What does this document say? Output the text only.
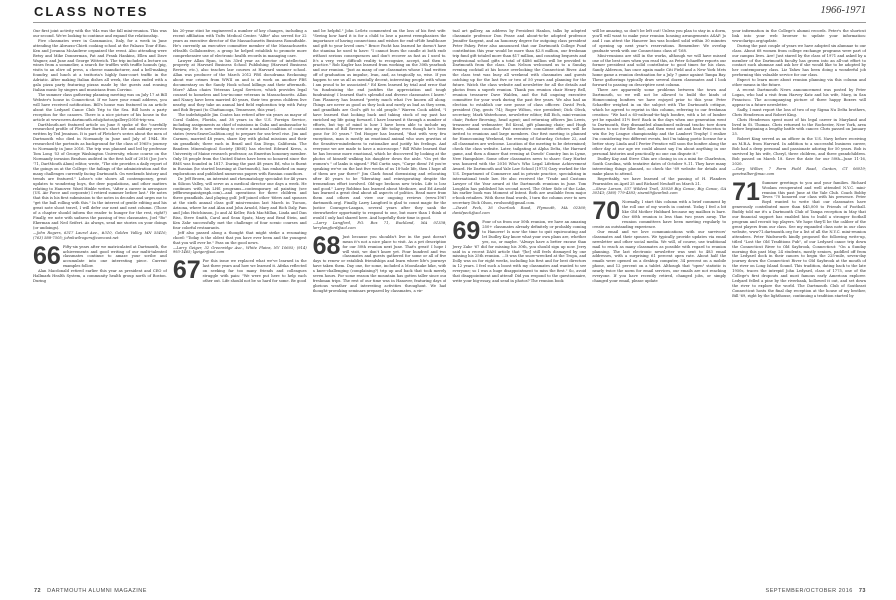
CLASS NOTES	1966-1971

Our first joint activity with the '64s was the fall mini-reunion. This was our second. We're looking to continue and expand the relationship.

Five classmates were in Caramanico, Italy, for a week in June attending the Abruzzo-Chieti cooking school at the Palazzo Tour d'Eau. Ken and Jovanna McAndrew organized the event. Also attending were Betsy and Mike Donnerman, Pat and Frank Hankins, Ellen and Dave Wagner, and June and George Wittreich. The trip included a lecture on wines from a sommelier, a search for truffles with truffle hounds (pig, visits to an olive oil press, a cheese manufacturer, and a bell-making foundry, and lunch at a trattoria's highly faux-court traffic in the Adriatic. After making Italian dishes all week, the class ended with a gala pizza party featuring pizzas made by the guests and rousing Italian music by singers and musicians from Corvino.

The summer class gathering planning meeting was on July 17 at Bill Webster's house in Connecticut. If we have your email address, you will have received notification. Bill's house was featured in an article about the Ledyard Canoe Club Trip to the Sea. Bill hosts a party reception for the canoers. There is a nice picture of his house in the article at www.news.dartmouth.edu/photos/gallery/2016-trip-sea.

DartMouth.net featured article on June 8 spoke of the "carefully researched profile of Fletcher Barton's short life and military service written by Ted Jennison. It is part of Fletcher's series about the men of Dartmouth who died in Normandy in June and July of 1944. He researched the portraits as background for the class of 1965's journey to Normandy in June 2016. The trip was planned and led by professor Tom Long '53 of George Washington University, whose course on the Normandy invasion Bradson audited in the first half of 2016 (Joe Joe's '71, DartMouth Alum) editor, wrote, "The site provides a daily report of the goings on at the College: the failings of the administration and the many challenges currently facing Dartmouth. On weekends history and trends are featured." Lohse's site shows all contemporary, great updates to wondering boys, the deer populations, and other matters relating to Hanover. Ward Hinkle writes, "After a career in aerospace (US. Air Force and corporate) I retired summer before last." He notes that this is his first submission to the notes in decades and urges me to "get the ball rolling with this." In the interest of gentle editing and his great note shoot travel, I will defer our next and next column. (Those of a chapter should inform the reader to hunger for the rest, right?) Finally, we note with sadness the passing of two classmates, Joel "Bo" Ekerman and Ned Seifert. As always, send me stories on your doings (or undoings).

—John Rogers, 6317 Laurel Ave., #310, Golden Valley, MN 55416; (763) 588-7505; johnkwilrogers@comcast.net

66 Fifty-six years after we matriculated at Dartmouth, the achievements and good writing of our multi-talented classmates continue to amaze your scribe and accumulate into one interesting piece. Current examples follow.

Alan Macdonald retired earlier this year as president and CEO of Hallmark Health System, a community health group north of Boston. During

his 20-year stint he engineered a number of key changes, including a recent affiliation with Tufts Medical Center. "Alfie" also served for 22 years as executive director of the Massachusetts Business Roundtable. He's currently an executive committee member of the Massachusetts eHealth Collaborative, a group he helped establish to promote more comprehensive use of electronic health records in managing care.

Lawyer Allan Ryan, in his 33rd year as director of intellectual property at Harvard Business School Publishing (Harvard Business Review, etc.), also teaches law courses at Harvard summer school. Allan was producer of the March 2012 PBS docudrama Reckoning about war crimes from WWII on and is at work on another PBS documentary on the Sandy Hook school killings and their aftermath. More? Allan chairs Veterans Legal Services, which provides legal counsel to homeless and low-income veterans in Massachusetts. Allan and Nancy have been married 40 years, their two grown children live nearby, and they take an annual bird field exploration trip with Patsy and Bob Bryant (to Chattanooga, Tennessee, this year).

The indefatigable Jim Coates has retired after six years as mayor of Coral Gables, Florida, and 38 years in the U.S. Foreign Service, including assignments as chief of missions in Cuba and ambassador to Paraguay. He is now working to create a national coalition of coastal states (www.SeaveCoalition.org) to prepare for sea-level rise. Jim and Carmen, married 48 years, share Key with global missions and their six grandkids; three each in Brazil and San Diego, California. The Bandera Mineralogical Society (BMS) has elected Edward Kress, a University of Maine research professor, as Emeritus honorary member. Only 18 people from the United States have been so honored since the BMS was founded in 1817. During the past 48 years Ed, who is fluent in Russian (he started learning at Dartmouth), has embarked on many explorations and published numerous papers with Russian coauthors.

Dr. Jeff Brown, an internist and rheumatology specialist for 46 years in Silicon Valley, will serve as a medical director one days a week. He continues with his LHS programs—contemporary oil painting (see jeffbrownpaintgraph.com)—and operations for three children and three grandkids. And playing golf. Jeff joined other '66ers and spouses at the sixth annual class golf mini-reunion last March in Tucson, Arizona, where he and Alan and John Arnold, Mary and Rich Daly, Pam and John Hutchinson, Jo and Al Keller, Rick MacMillan, Linda and Dan Riss, Steve Smith, Carol and Sean Spatz, Mary and Brad Stein, and Ken Zahr successfully met the challenge of four scenic courses and four colorful restaurants.

Jeff also passed along a thought that might strike a resonating chord: "Today is the oldest that you have ever been and the youngest that you will ever be." Pass on the good news.

—Larry Geiger, 32 Greenridge Ave., White Plains, NY 10605; (914) 993-1465; lgeiger@aol.com

67 For this issue we replaced what we've learned in the last three years and how we learned it. Afrika reflected on seeking far too many friends and colleagues struggle with pain: "We were put here to help each other out. Life should not be so hard for some. Be good

and be helpful." John LeSrtz commented on the loss of his first wife: "Seeing how hard it is for a child to lose a parent reemphasizes the importance of having connections and wishes for end-of-life healthcare and gift to your loved ones." Bruce Pacht has learned he doesn't have the stamina he used to have: "I cannot burn the candle at both ends without serious consequences and don't recover as fast as I used to. It's a very, very difficult reality to recognize, accept, and then to practice." Rob Kugler has learned from working on the 30th yearbook and our reunion. "Just as many of our classmates whose I had written off of graduation as impulse, Ivan, and, as tragically so, wise. If you happen to see us all as mentally decent, interesting people with whom I am proud to be associated." Ed Kern learned by trial and error that "in fundraising the end justifies the appreciation and tough fundraising! I learned that's splendid and diverse classmates I knew." Tom Flannery has learned "pretty much what I've known all along. Things are never as good as they look and rarely as bad as they seem, and grandkids are God's gift to old people." Warren Cook added, "I have learned that looking back and taking stock of my past has enriched my life going forward. I have learned it through a number of efforts, but top of mind is how I have been able to include my connection of Bill Brewer into my life today even though he's been gone for 50 years." Ted Hooper has learned, "that with very few exceptions, man is mostly an emotional animal who uses gravitas of the Sensitive-mindedness to rationalize and justify his feelings. And everyone we are made to have a microscope." Bill White learned that he has become more emotional, which he discovered by looking at the photos of himself walking his daughter down the aisle. "On yet the women's " of lanks is signed." Phil Curtis says, "Carpe diem! I'd you're speaking we've on the last five weeks of us 18-hole life, then I hope all of them are par three!" Jim Clark found downsizing and relocating after 40 years to be "liberating and reinvigorating despite the tremendous effort involved. Old-age beckons new tricks. Life is loss and good." Larry Robbins has learned about Medicare, and Ed Arnold has learned a great deal about all aspects of politics. Read more from them and others and view our ongoing reviews (www.1967 dartmouth.org). Finally, Larry Langford is glad to count magic for the Justice Courages-Langan, several years after they sank the sternwheeler opportunity to respond to one, but more than I think of would I only had shared here. And hopefully their time is good.

—Larry Langford, P.O. Box 71, Buckland, MA 01338; larrylangford@aol.com

68 Just because you shouldn't live in the past doesn't mean it's not a nice place to visit. As a pet description for our 50th reunion next June. That's great! I hope I will visit, we don't know yet. Four hundred and two classmates and guests gathered for some or all of five days to renew or establish friendships and learn where life's journeys have taken them. Day one, for some, included a Moosilauke hike, with a knee-challenging (complaining?) trip up and back that took merely seven hours. For some reason the mountain has gotten taller since our freshman trips. The rest of our time was in Hanover, featuring days of glorious weather and interesting activities throughout. We had thought-provoking seminars prepared by classmates, a vir-

tual art gallery, an address by President Hanlon, talks by adopted classmate professor Don Pease and about-to-be adopted professor Jennifer Sargent, and an honorary degree for outgoing class president Peter Fahey. Peter also announced that our Dartmouth College Fund contribution this year would be more than $2.8 million, our freshman trip fund gift totaled more than $17 million, and counting bequests and professional school gifts a total of $486 million will be provided to Dartmouth from the class. Dan Nelson welcomed us to a Sunday evening cocktail at his house overlooking the Connecticut River. And the class tent was busy all weekend with classmates and guests catching up for the last five or two of 50 years and planning for the future. Watch the class website and newsletter for all the details and photos from a superb reunion. Thank you reunion chair Henry Bell, reunion treasurer Dave Walden, and the full ongoing executive committee for your work during the past five years. We also had an election to establish our new posse of class officers: David Peck, president (Yay, gents '74); Roger Wilton, vice president; Dick Oleck, secretary; Mark Waterhouse, newsletter editor; Bill Eich, mini-reunion chair; Parker Brovsing, head agent; and returning officers Jim Lewis, treasurer and webmaster; Ed Kecal, gift planning chair; and Hugh Bowe, alumni councilor. Past executive committee officers will be invited to reunions and large members. Our first meeting is planned for Homecoming Weekend, the evening of Saturday, October 22, and all classmates are welcome. Location of the meeting to be determined; check the class website. Later, tailgating at Alpha Delta, the Harvard game, and then a dinner that evening at Dowds' Country Inn in Lyme, New Hampshire. Some other classmates news to share: Gary Harbst was honored with the 2016 Who's Who Legal Lifetime Achievement Award. He Dartmouth and Yale Law School (1973) Gary worked for the U.S. Department of Commerce and in private practice, specializing in international trade law. He also received the "Trade and Customs Lawyer of the Year award at the Dartmouth reunions in June. Tom Loughlin has published his second novel, The Other Side of the Lake, his earlier book was Moment of Intent. Both are available from major e-book retailers. With these final words, I turn the column over to new secretary Dick Olson, rwolson6@gmail.com.

—David Peck, 36 Overlook Road, Plymouth, MA 02360; davidpeck@aol.com

69 Four of us from our 50th reunion, we have an amazing 250+ classmates already definitely or probably coming to Hanover! Is now the time to quit equivocating and let Dudley Kay know what your own plans are, whether yes, no, or maybe. "Always have a better excuse than Jerry Zahr '67 did for missing his 30th, you should sign up now. Jerry said in a recent DAM article that "[he] still feels dismayed by one missing his 25th reunion. ...It was the snow-wrecked at the Tropa, and Dolly was on for eight weeks, including his first and for best directors in 12 years. I feel such a boost with my classmates and wanted to see everyone; so I was a huge disappointment to miss the first." So, avoid that disappointment and attend! Did you respond to the questionnaire, write your big-essay, and send in photos? The reunion book

will be amazing, so don't be left out! Unless you plan to stay in a dorm, you'll will want to make your reunion housing arrangements ASAP. Jo and I can attest the Hanover Inn was booked solid within 30 minutes of opening up next year's reservations. Remember: We overlap graduate week with our Connections class of '168.

Mini-reunions are still in the works, although we will have missed one of the best ones when you read this, as Peter Schaeffer reports our former president and solid contributor to good times for his class. Sandy Alderson, has once again made Citi Field and a New York Mets home game a reunion destination for a July 7 game against Tampa Bay. These gatherings typically draw several dozen classmates and I look forward to passing on descriptive next column.

There are apparently some problems between the town and Dartmouth, so we will not be allowed to build the kinds of Homecoming bonfires we have enjoyed prior to this year. Peter Schaeffer weighed in on the subject with The Dartmouth critique, which he agreed to reprint in this column, referring to our freshman creation: "We had a 65-railroad-tie-high bonfire, with a lot of lumber yet be equaled 51½ feet! Back in the days when one generation went to Dartmouth, they dismantled abandoned railroad tracks: tore down houses to use for filler fuel, and then went out and beat Princeton to win the Ivy League championship and the Lambert Trophy! I realize I'm considering two different events, but I'm taking poetic license for a better story. Linda and I Peeter Prentice will soon the bonfire along the other day at our age we could almost say I'm about anything in our personal histories and practically no one can dispute it."

Dudley Kay and Steve Chiu are closing in on a mini for Charleston, South Carolina, with tentative dates of October 9–11. They have many interesting things planned, so check the '69 website for details and make plans to attend.

Regrettably, we have learned of the passing of H. Flanders Fearnsides on April 25 and Richard Neuhoff on March 21.

—Steve Larson, 537 Wildest Trail, 35028 Big Canoe, Big Canoe, GA 30143; (380) 779-4383; sisen69@earlink.com

70 Normally, I start this column with a brief comment by the roll one of my words in context. Today I feel a bit like Old Mother Hubbard because my mailbox is bare. Our 60th reunion is less than two years away. The reunion committees have been meeting regularly to create an outstanding experience.

Our email and we love communications with our survivors' classmates and their spouses. We typically provide updates via email newsletter and other social media. We will, of course, use traditional mail to reach as many classmates as possible with regard to reunion planning. The last electronic newsletter was sent to 483 email addresses, with a surprising 61 percent open rate. About half the emails were opened on a desktop computer, 34 percent on a mobile phone, and 12 percent on a tablet. Although that "open" statistic is nearly twice the norm for email services, our emails are not reaching everyone. If you have recently retired, changed jobs, or simply changed your email, please update

your information in the College's alumni records. Peter's the shortcut link into your web browser to update your information: www.dartgo.org/update.

During the past couple of years we have adopted six alumnae to our class. About 68 women from college exchange programs were part of our campus lives. Are! Just stared by the class of 1971 and asked by a member of the Dartmouth faculty has grown into an all-out effort to contact such alumnae and ask her if she would like to be adopted by her contemporary class. Liz Tafaw has been doing a wonderful job performing this valuable service for our class.

Expect to learn more about reunion planning via this column and other means in the future.

A recent Dartmouth News announcement was posted by Peter Logan, who had a visit from Harvey Katz and his wife, Mary, in San Francisco. The accompanying picture of three happy Boxers will appear in a future newsletter.

Sadly, I must report the loss of two of my Sigma Nu Delta brothers, Chris Henderson and Robert King.

Chris Henderson spent most of his legal career in Maryland and lived in St. Thomas. Chris returned to the Rochester, New York, area before beginning a lengthy battle with cancer. Chris passed on January 25.

Robert King served as an officer in the U.S. Navy before receiving an M.B.A. from Harvard. In addition to a successful business career, Bob had a deep personal and passionate adoring for 50 years. Bob is survived by his wife, Cheryl, three children, and three grandchildren. Bob passed on March 18. Save the date for our 50th—June 11-16, 2020.

—Gary Wilber, 7 Farm Field Road, Canton, CT 06019; garetwilber@mac.com

71 Summer greetings to you and your families. Richard Woolam recuperated and well attended N.Y.C. mini-reunion this past June at the Yale Club. Coach Bobby Teves '70 honored our class with his presence. Peter Boyd wanted to write that our classmates have generously contributed more than $45,000 to Friends of Football. Buddy told me it's a Dartmouth Club of Tampa reception in May that our financial support has enabled him to build a stronger football program and recruit top players. We hope they'll be the caliber of the great players from our class. See my expanded class note in our class website, www71.dartmouth.org for a list of all the N.Y.C. mini-reunion attendees. Peter Wadsworth kindly proposed the following write-up, titled "Lost the Old Traditions Pub", of our Ledyard canoe trip down the Connecticut River to Old Saybrook, Connecticut: "On a Sunday morning this past May, 24 students, mostly seniors, paddled off from the Ledyard dock in their canoes to begin the 225-mile, seven-day journey down the Connecticut River to Old Saybrook at the mouth of the river on Long Island Sound. This tradition, dating back to the late 1950s, traces the intrepid John Ledyard, class of 1775, one of the College's first dropouts and most famous early American explorer. Ledyard felled a pine by the riverbank, hollowed it out, and set down the river to explore the world. The Dartmouth Club of Southeast Connecticut hosts the final day reception at the house of my brother, Bill '69, right by the lighthouse, continuing a tradition started by

72 DARTMOUTH ALUMNI MAGAZINE	SEPTEMBER/OCTOBER 2016 73
